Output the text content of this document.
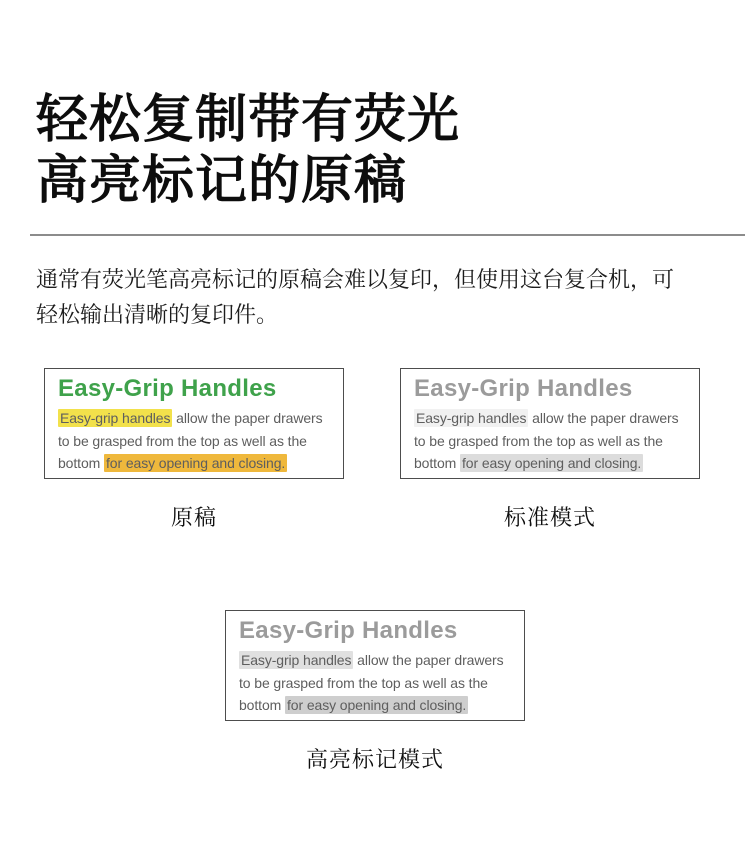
轻松复制带有荧光
高亮标记的原稿

通常有荧光笔高亮标记的原稿会难以复印，但使用这台复合机，可
轻松输出清晰的复印件。

Easy-Grip Handles

Easy-grip handles allow the paper drawers to be grasped from the top as well as the bottom for easy opening and closing.

原稿
Easy-Grip Handles

Easy-grip handles allow the paper drawers to be grasped from the top as well as the bottom for easy opening and closing.

标准模式
Easy-Grip Handles

Easy-grip handles allow the paper drawers to be grasped from the top as well as the bottom for easy opening and closing.

高亮标记模式
